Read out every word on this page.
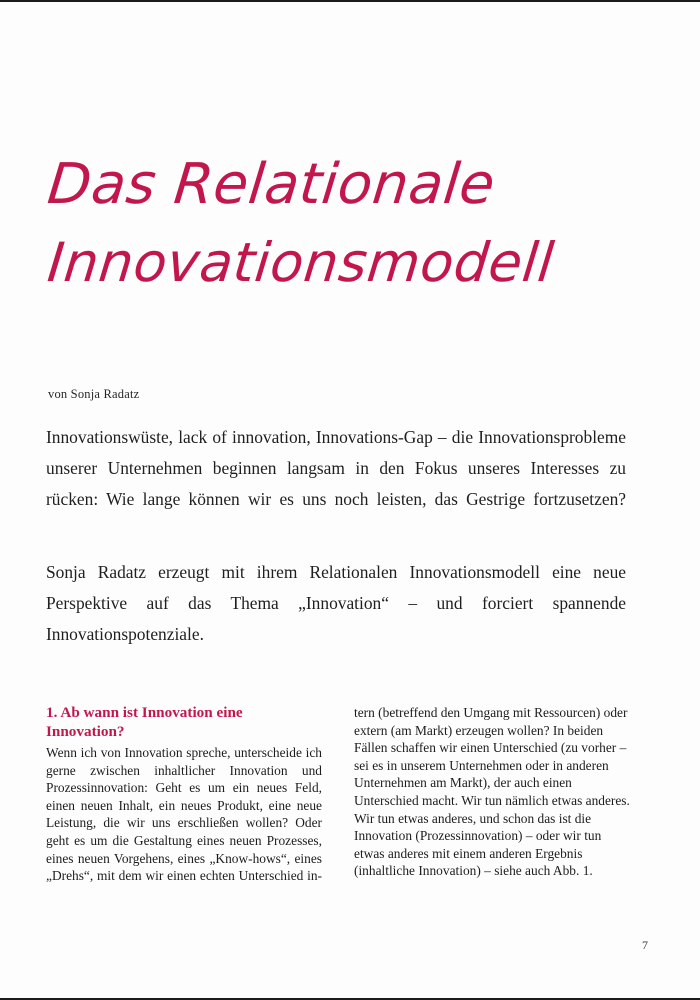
Das Relationale
Innovationsmodell
von Sonja Radatz
Innovationswüste, lack of innovation, Innovations-Gap – die Innovationsprobleme unserer Unternehmen beginnen langsam in den Fokus unseres Interesses zu rücken: Wie lange können wir es uns noch leisten, das Gestrige fortzusetzen?
Sonja Radatz erzeugt mit ihrem Relationalen Innovationsmodell eine neue Perspektive auf das Thema „Innovation“ – und forciert spannende Innovationspotenziale.
1. Ab wann ist Innovation eine Innovation?

Wenn ich von Innovation spreche, unterscheide ich gerne zwischen inhaltlicher Innovation und Prozessinnovation: Geht es um ein neues Feld, einen neuen Inhalt, ein neues Produkt, eine neue Leistung, die wir uns erschließen wollen? Oder geht es um die Gestaltung eines neuen Prozesses, eines neuen Vorgehens, eines „Know-hows“, eines „Drehs“, mit dem wir einen echten Unterschied in-

tern (betreffend den Umgang mit Ressourcen) oder extern (am Markt) erzeugen wollen? In beiden Fällen schaffen wir einen Unterschied (zu vorher – sei es in unserem Unternehmen oder in anderen Unternehmen am Markt), der auch einen Unterschied macht. Wir tun nämlich etwas anderes. Wir tun etwas anderes, und schon das ist die Innovation (Prozessinnovation) – oder wir tun etwas anderes mit einem anderen Ergebnis (inhaltliche Innovation) – siehe auch Abb. 1.

7
